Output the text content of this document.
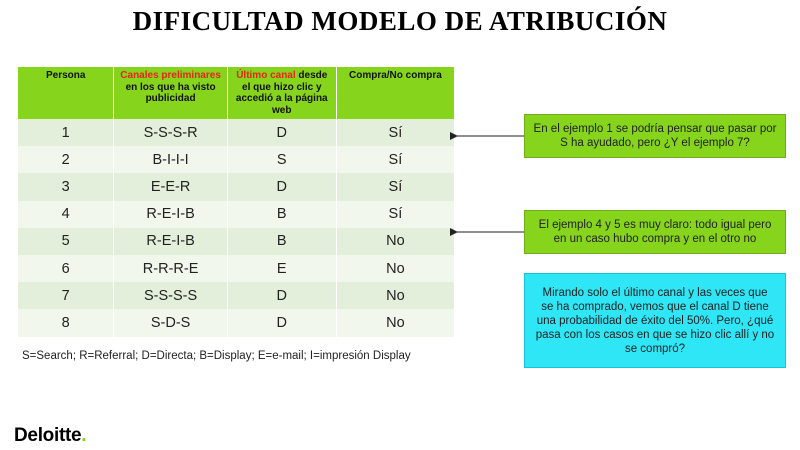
DIFICULTAD MODELO DE ATRIBUCIÓN
Persona	Canales preliminares en los que ha visto publicidad	Último canal desde el que hizo clic y accedió a la página web	Compra/No compra
1	S-S-S-R	D	Sí
2	B-I-I-I	S	Sí
3	E-E-R	D	Sí
4	R-E-I-B	B	Sí
5	R-E-I-B	B	No
6	R-R-R-E	E	No
7	S-S-S-S	D	No
8	S-D-S	D	No
S=Search; R=Referral; D=Directa; B=Display; E=e-mail; I=impresión Display
En el ejemplo 1 se podría pensar que pasar por S ha ayudado, pero ¿Y el ejemplo 7?
El ejemplo 4 y 5 es muy claro: todo igual pero en un caso hubo compra y en el otro no
Mirando solo el último canal y las veces que se ha comprado, vemos que el canal D tiene una probabilidad de éxito del 50%. Pero, ¿qué pasa con los casos en que se hizo clic allí y no se compró?
Deloitte.
